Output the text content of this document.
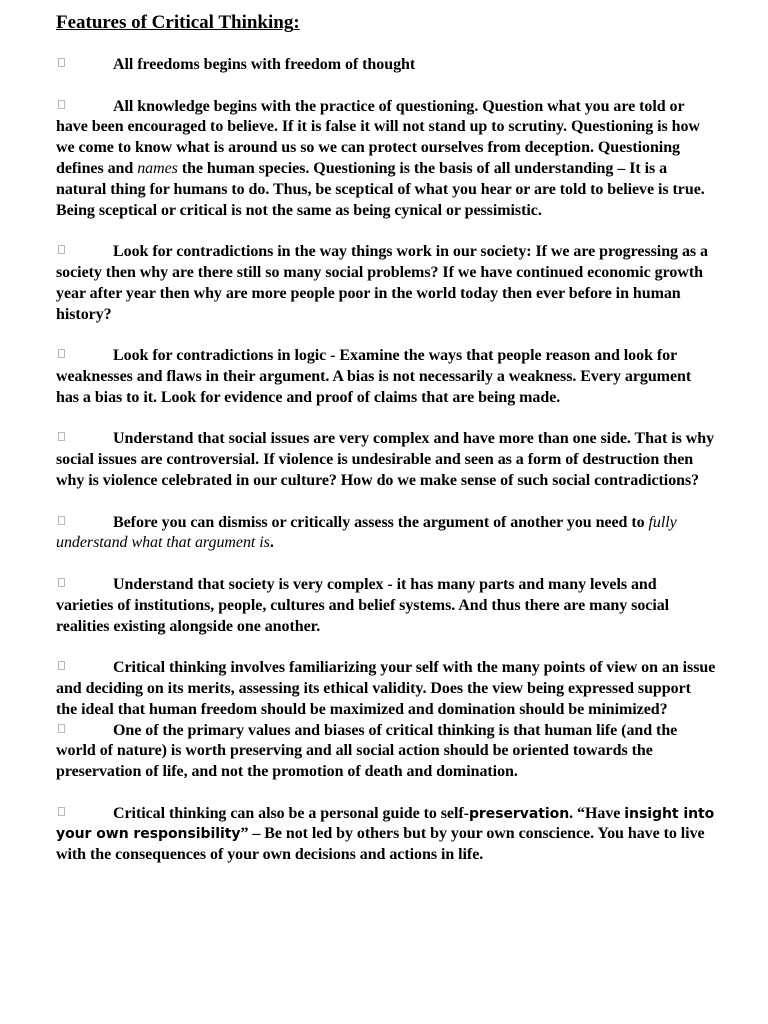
Features of Critical Thinking:

All freedoms begins with freedom of thought

All knowledge begins with the practice of questioning. Question what you are told or have been encouraged to believe. If it is false it will not stand up to scrutiny. Questioning is how we come to know what is around us so we can protect ourselves from deception. Questioning defines and names the human species. Questioning is the basis of all understanding – It is a natural thing for humans to do. Thus, be sceptical of what you hear or are told to believe is true. Being sceptical or critical is not the same as being cynical or pessimistic.

Look for contradictions in the way things work in our society: If we are progressing as a society then why are there still so many social problems? If we have continued economic growth year after year then why are more people poor in the world today then ever before in human history?

Look for contradictions in logic - Examine the ways that people reason and look for weaknesses and flaws in their argument. A bias is not necessarily a weakness. Every argument has a bias to it. Look for evidence and proof of claims that are being made.

Understand that social issues are very complex and have more than one side. That is why social issues are controversial. If violence is undesirable and seen as a form of destruction then why is violence celebrated in our culture? How do we make sense of such social contradictions?

Before you can dismiss or critically assess the argument of another you need to fully understand what that argument is.

Understand that society is very complex - it has many parts and many levels and varieties of institutions, people, cultures and belief systems. And thus there are many social realities existing alongside one another.

Critical thinking involves familiarizing your self with the many points of view on an issue and deciding on its merits, assessing its ethical validity. Does the view being expressed support the ideal that human freedom should be maximized and domination should be minimized?

One of the primary values and biases of critical thinking is that human life (and the world of nature) is worth preserving and all social action should be oriented towards the preservation of life, and not the promotion of death and domination.

Critical thinking can also be a personal guide to self-preservation. “Have insight into your own responsibility” – Be not led by others but by your own conscience. You have to live with the consequences of your own decisions and actions in life.
